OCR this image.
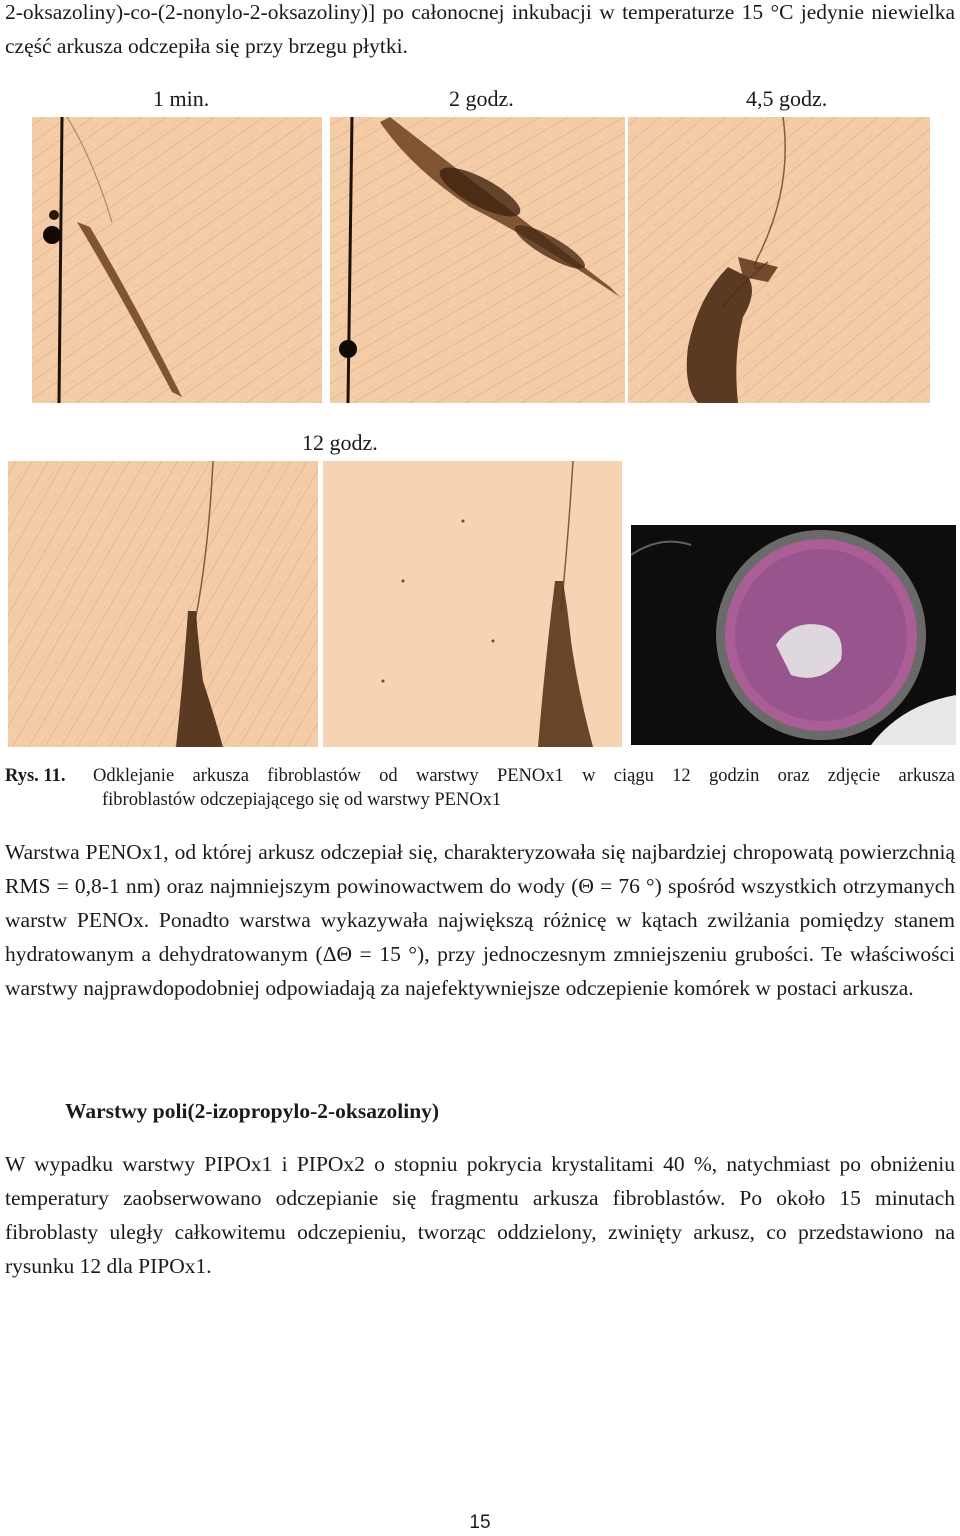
2-oksazoliny)-co-(2-nonylo-2-oksazoliny)] po całonocnej inkubacji w temperaturze 15 °C jedynie niewielka część arkusza odczepiła się przy brzegu płytki.

1 min.	2 godz.	4,5 godz.
12 godz.
Rys. 11. Odklejanie arkusza fibroblastów od warstwy PENOx1 w ciągu 12 godzin oraz zdjęcie arkusza
fibroblastów odczepiającego się od warstwy PENOx1

Warstwa PENOx1, od której arkusz odczepiał się, charakteryzowała się najbardziej chropowatą powierzchnią RMS = 0,8-1 nm) oraz najmniejszym powinowactwem do wody (Θ = 76 °) spośród wszystkich otrzymanych warstw PENOx. Ponadto warstwa wykazywała największą różnicę w kątach zwilżania pomiędzy stanem hydratowanym a dehydratowanym (ΔΘ = 15 °), przy jednoczesnym zmniejszeniu grubości. Te właściwości warstwy najprawdopodobniej odpowiadają za najefektywniejsze odczepienie komórek w postaci arkusza.

Warstwy poli(2-izopropylo-2-oksazoliny)

W wypadku warstwy PIPOx1 i PIPOx2 o stopniu pokrycia krystalitami 40 %, natychmiast po obniżeniu temperatury zaobserwowano odczepianie się fragmentu arkusza fibroblastów. Po około 15 minutach fibroblasty uległy całkowitemu odczepieniu, tworząc oddzielony, zwinięty arkusz, co przedstawiono na rysunku 12 dla PIPOx1.

15
